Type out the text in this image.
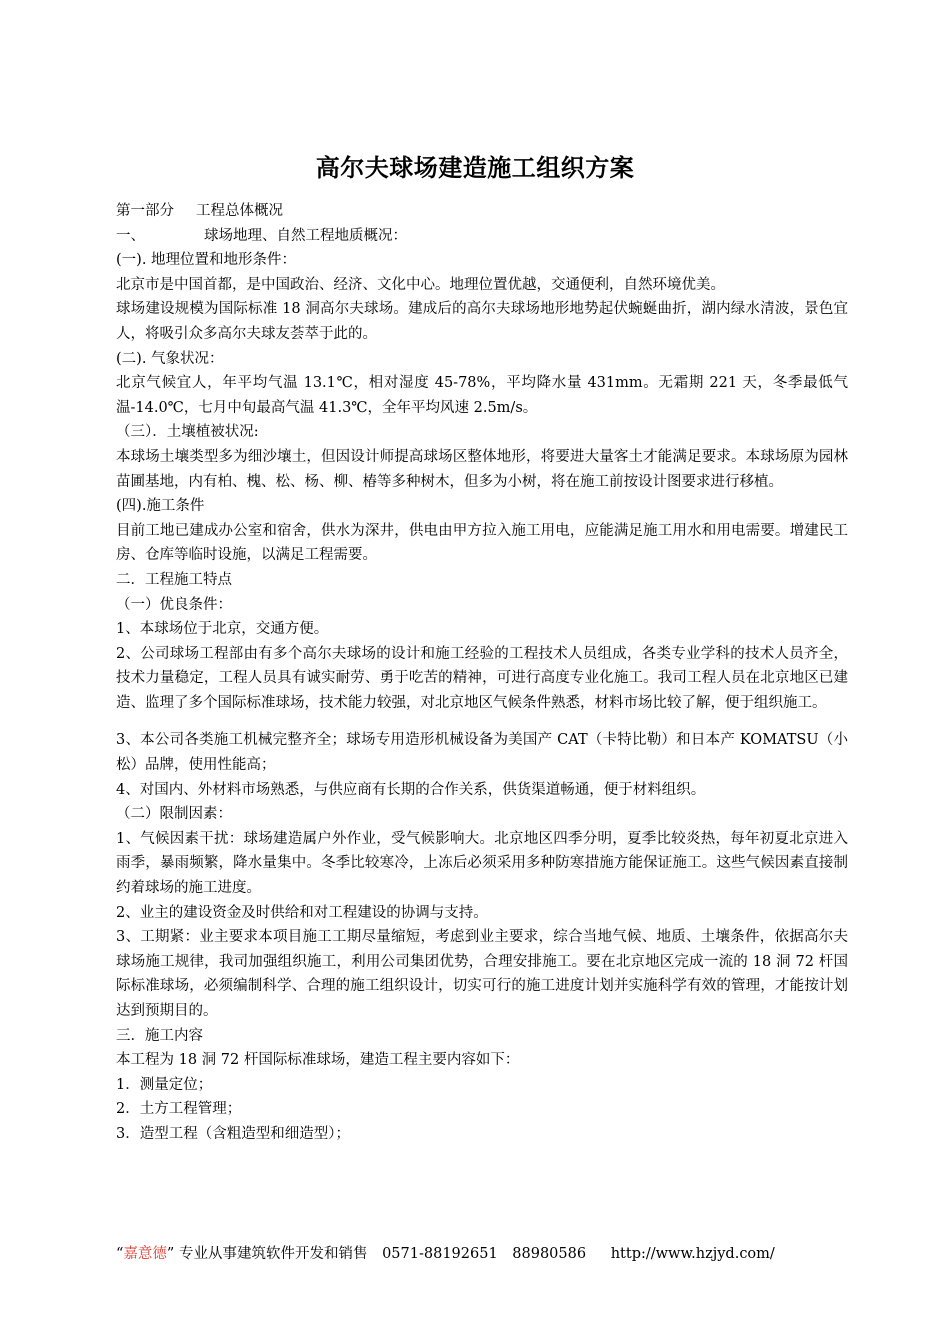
高尔夫球场建造施工组织方案

第一部分 工程总体概况

一、	球场地理、自然工程地质概况：

(一). 地理位置和地形条件：

北京市是中国首都，是中国政治、经济、文化中心。地理位置优越，交通便利，自然环境优美。

球场建设规模为国际标准 18 洞高尔夫球场。建成后的高尔夫球场地形地势起伏蜿蜒曲折，湖内绿水清波，景色宜人，将吸引众多高尔夫球友荟萃于此的。

(二). 气象状况：

北京气候宜人，年平均气温 13.1℃，相对湿度 45-78%，平均降水量 431mm。无霜期 221 天，冬季最低气温-14.0℃，七月中旬最高气温 41.3℃，全年平均风速 2.5m/s。

（三）．土壤植被状况:

本球场土壤类型多为细沙壤土，但因设计师提高球场区整体地形，将要进大量客土才能满足要求。本球场原为园林苗圃基地，内有柏、槐、松、杨、柳、椿等多种树木，但多为小树，将在施工前按设计图要求进行移植。

(四).施工条件

目前工地已建成办公室和宿舍，供水为深井，供电由甲方拉入施工用电，应能满足施工用水和用电需要。增建民工房、仓库等临时设施，以满足工程需要。

二．工程施工特点

（一）优良条件：

1、本球场位于北京，交通方便。

2、公司球场工程部由有多个高尔夫球场的设计和施工经验的工程技术人员组成，各类专业学科的技术人员齐全，技术力量稳定，工程人员具有诚实耐劳、勇于吃苦的精神，可进行高度专业化施工。我司工程人员在北京地区已建造、监理了多个国际标准球场，技术能力较强，对北京地区气候条件熟悉，材料市场比较了解，便于组织施工。

3、本公司各类施工机械完整齐全；球场专用造形机械设备为美国产 CAT（卡特比勒）和日本产 KOMATSU（小松）品牌，使用性能高；

4、对国内、外材料市场熟悉，与供应商有长期的合作关系，供货渠道畅通，便于材料组织。

（二）限制因素：

1、气候因素干扰：球场建造属户外作业，受气候影响大。北京地区四季分明，夏季比较炎热，每年初夏北京进入雨季，暴雨频繁，降水量集中。冬季比较寒冷，上冻后必须采用多种防寒措施方能保证施工。这些气候因素直接制约着球场的施工进度。

2、业主的建设资金及时供给和对工程建设的协调与支持。

3、工期紧：业主要求本项目施工工期尽量缩短，考虑到业主要求，综合当地气候、地质、土壤条件，依据高尔夫球场施工规律，我司加强组织施工，利用公司集团优势，合理安排施工。要在北京地区完成一流的 18 洞 72 杆国际标准球场，必须编制科学、合理的施工组织设计，切实可行的施工进度计划并实施科学有效的管理，才能按计划达到预期目的。

三．施工内容

本工程为 18 洞 72 杆国际标准球场，建造工程主要内容如下：

1．测量定位；

2．土方工程管理；

3．造型工程（含粗造型和细造型）；

“嘉意德” 专业从事建筑软件开发和销售 0571-88192651 88980586 http://www.hzjyd.com/
